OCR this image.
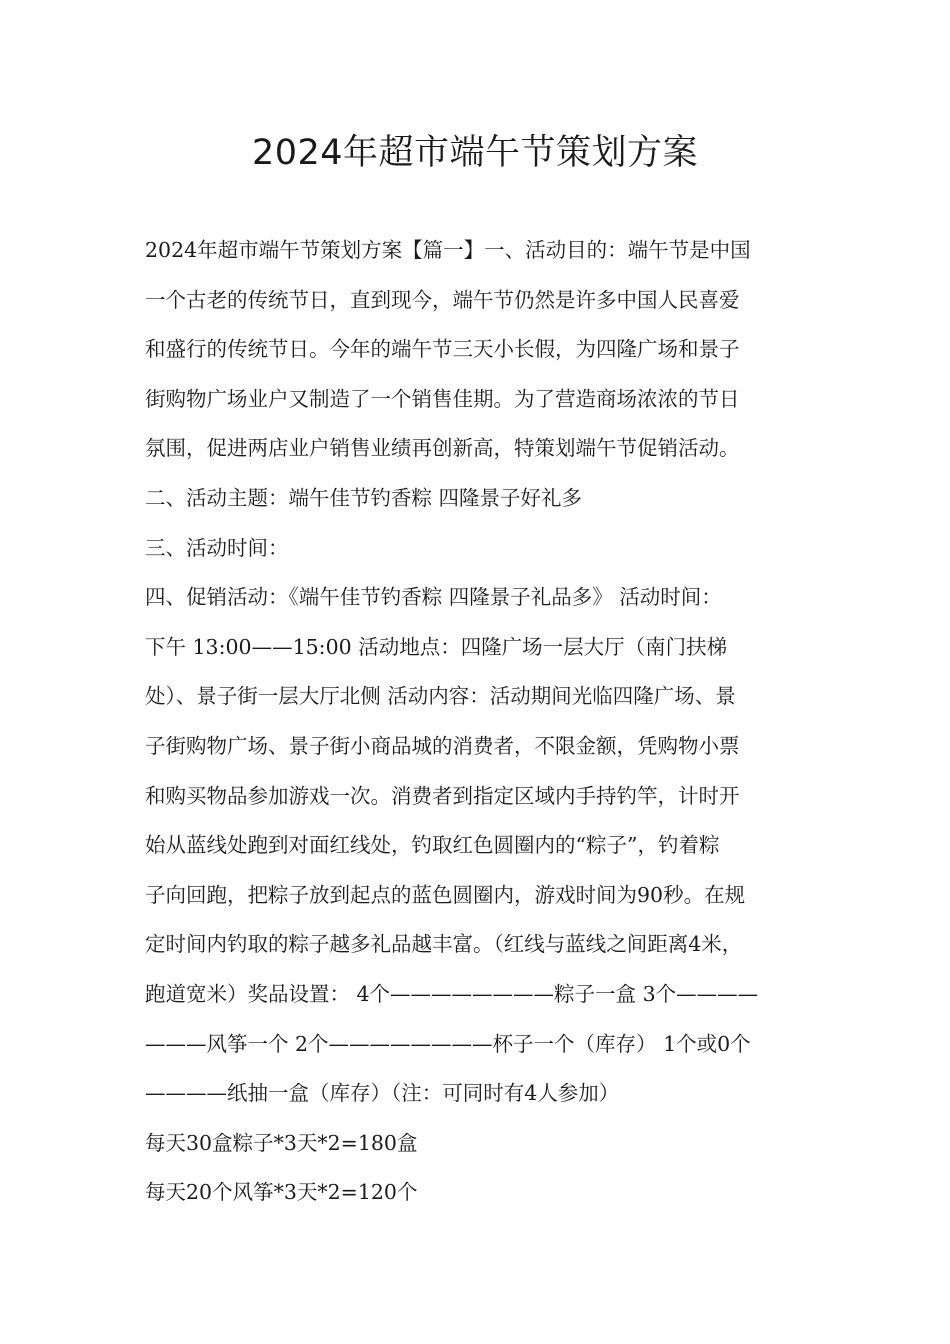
2024年超市端午节策划方案
2024年超市端午节策划方案【篇一】一、活动目的：端午节是中国
一个古老的传统节日，直到现今，端午节仍然是许多中国人民喜爱
和盛行的传统节日。今年的端午节三天小长假，为四隆广场和景子
街购物广场业户又制造了一个销售佳期。为了营造商场浓浓的节日
氛围，促进两店业户销售业绩再创新高，特策划端午节促销活动。
二、活动主题：端午佳节钓香粽 四隆景子好礼多
三、活动时间：
四、促销活动：《端午佳节钓香粽 四隆景子礼品多》 活动时间：
下午 13:00——15:00 活动地点：四隆广场一层大厅（南门扶梯
处）、景子街一层大厅北侧 活动内容：活动期间光临四隆广场、景
子街购物广场、景子街小商品城的消费者，不限金额，凭购物小票
和购买物品参加游戏一次。消费者到指定区域内手持钓竿，计时开
始从蓝线处跑到对面红线处，钓取红色圆圈内的“粽子”，钓着粽
子向回跑，把粽子放到起点的蓝色圆圈内，游戏时间为90秒。在规
定时间内钓取的粽子越多礼品越丰富。（红线与蓝线之间距离4米，
跑道宽米）奖品设置： 4个————————粽子一盒 3个————
———风筝一个 2个————————杯子一个（库存） 1个或0个
————纸抽一盒（库存）（注：可同时有4人参加）
每天30盒粽子*3天*2=180盒
每天20个风筝*3天*2=120个
